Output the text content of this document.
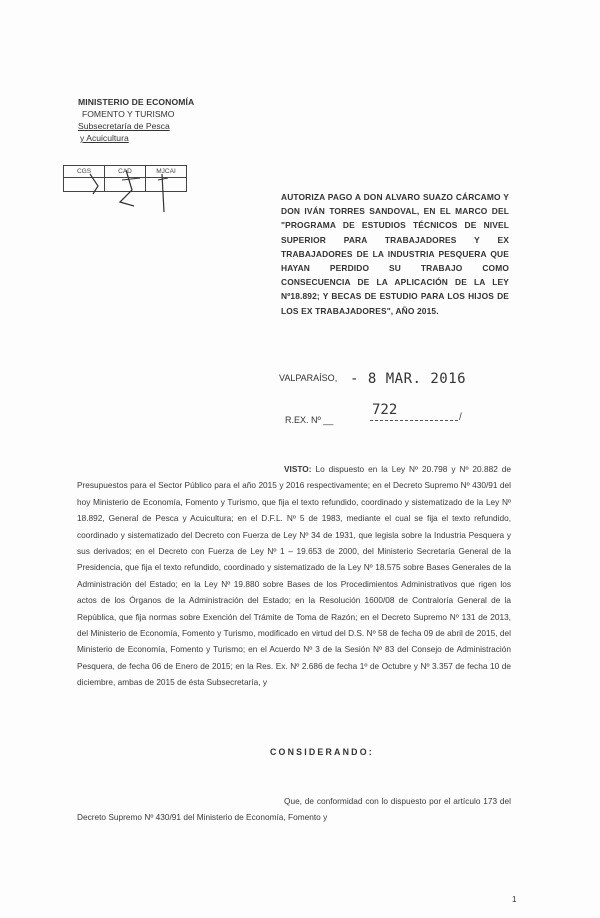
MINISTERIO DE ECONOMÍA
FOMENTO Y TURISMO
Subsecretaría de Pesca
y Acuicultura
CGS	CAD	MJCAI

AUTORIZA PAGO A DON ALVARO SUAZO CÁRCAMO Y DON IVÁN TORRES SANDOVAL, EN EL MARCO DEL "PROGRAMA DE ESTUDIOS TÉCNICOS DE NIVEL SUPERIOR PARA TRABAJADORES Y EX TRABAJADORES DE LA INDUSTRIA PESQUERA QUE HAYAN PERDIDO SU TRABAJO COMO CONSECUENCIA DE LA APLICACIÓN DE LA LEY Nº18.892; Y BECAS DE ESTUDIO PARA LOS HIJOS DE LOS EX TRABAJADORES", AÑO 2015.
VALPARAÍSO, - 8 MAR. 2016
R.EX. Nº __
722	/
VISTO: Lo dispuesto en la Ley Nº 20.798 y Nº 20.882 de Presupuestos para el Sector Público para el año 2015 y 2016 respectivamente; en el Decreto Supremo Nº 430/91 del hoy Ministerio de Economía, Fomento y Turismo, que fija el texto refundido, coordinado y sistematizado de la Ley Nº 18.892, General de Pesca y Acuicultura; en el D.F.L. Nº 5 de 1983, mediante el cual se fija el texto refundido, coordinado y sistematizado del Decreto con Fuerza de Ley Nº 34 de 1931, que legisla sobre la Industria Pesquera y sus derivados; en el Decreto con Fuerza de Ley Nº 1 – 19.653 de 2000, del Ministerio Secretaría General de la Presidencia, que fija el texto refundido, coordinado y sistematizado de la Ley Nº 18.575 sobre Bases Generales de la Administración del Estado; en la Ley Nº 19.880 sobre Bases de los Procedimientos Administrativos que rigen los actos de los Órganos de la Administración del Estado; en la Resolución 1600/08 de Contraloría General de la República, que fija normas sobre Exención del Trámite de Toma de Razón; en el Decreto Supremo Nº 131 de 2013, del Ministerio de Economía, Fomento y Turismo, modificado en virtud del D.S. Nº 58 de fecha 09 de abril de 2015, del Ministerio de Economía, Fomento y Turismo; en el Acuerdo Nº 3 de la Sesión Nº 83 del Consejo de Administración Pesquera, de fecha 06 de Enero de 2015; en la Res. Ex. Nº 2.686 de fecha 1º de Octubre y Nº 3.357 de fecha 10 de diciembre, ambas de 2015 de ésta Subsecretaría, y
CONSIDERANDO:
Que, de conformidad con lo dispuesto por el artículo 173 del Decreto Supremo Nº 430/91 del Ministerio de Economía, Fomento y
1
